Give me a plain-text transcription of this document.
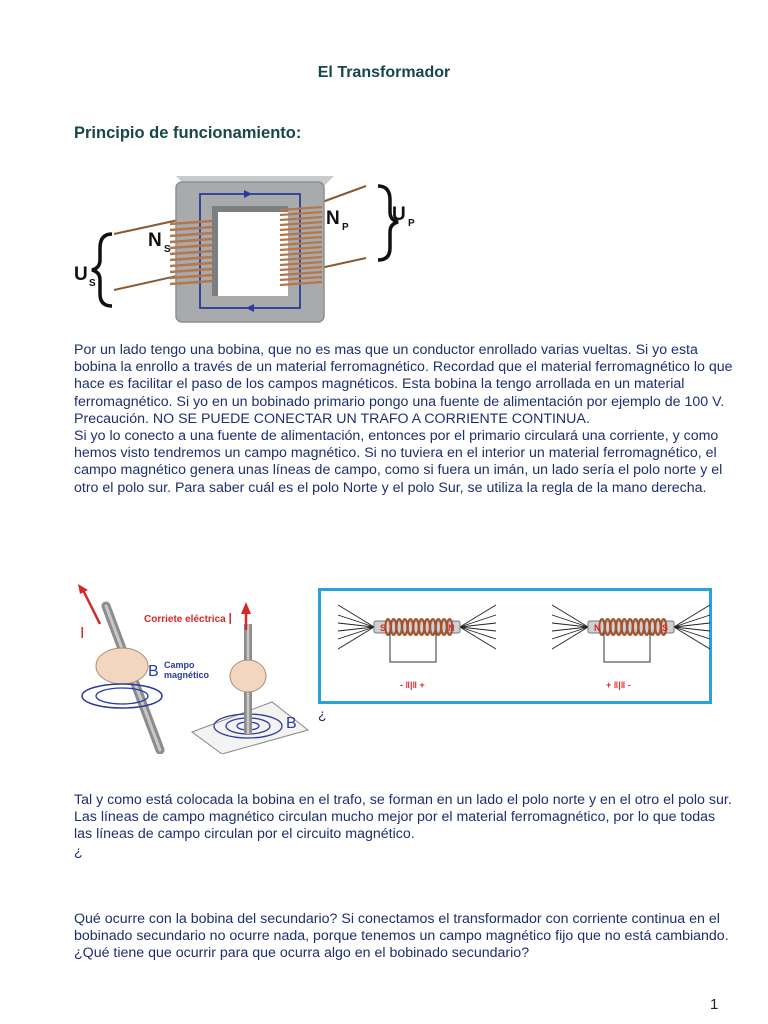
El Transformador
Principio de funcionamiento:
N S
N P
U S
U P

Por un lado tengo una bobina, que no es mas que un conductor enrollado varias vueltas. Si yo esta bobina la enrollo a través de un material ferromagnético. Recordad que el material ferromagnético lo que hace es facilitar el paso de los campos magnéticos. Esta bobina la tengo arrollada en un material ferromagnético. Si yo en un bobinado primario pongo una fuente de alimentación por ejemplo de 100 V.

Precaución. NO SE PUEDE CONECTAR UN TRAFO A CORRIENTE CONTINUA.

Si yo lo conecto a una fuente de alimentación, entonces por el primario circulará una corriente, y como hemos visto tendremos un campo magnético. Si no tuviera en el interior un material ferromagnético, el campo magnético genera unas líneas de campo, como si fuera un imán, un lado sería el polo norte y el otro el polo sur. Para saber cuál es el polo Norte y el polo Sur, se utiliza la regla de la mano derecha.

I
B
I
Corriete eléctrica
Campo
magnético
B
S	N
- ‖|‖ +
N	S
+ ‖|‖ -
¿

Tal y como está colocada la bobina en el trafo, se forman en un lado el polo norte y en el otro el polo sur.

Las líneas de campo magnético circulan mucho mejor por el material ferromagnético, por lo que todas las líneas de campo circulan por el circuito magnético.

¿

Qué ocurre con la bobina del secundario? Si conectamos el transformador con corriente continua en el bobinado secundario no ocurre nada, porque tenemos un campo magnético fijo que no está cambiando.

¿Qué tiene que ocurrir para que ocurra algo en el bobinado secundario?

1
